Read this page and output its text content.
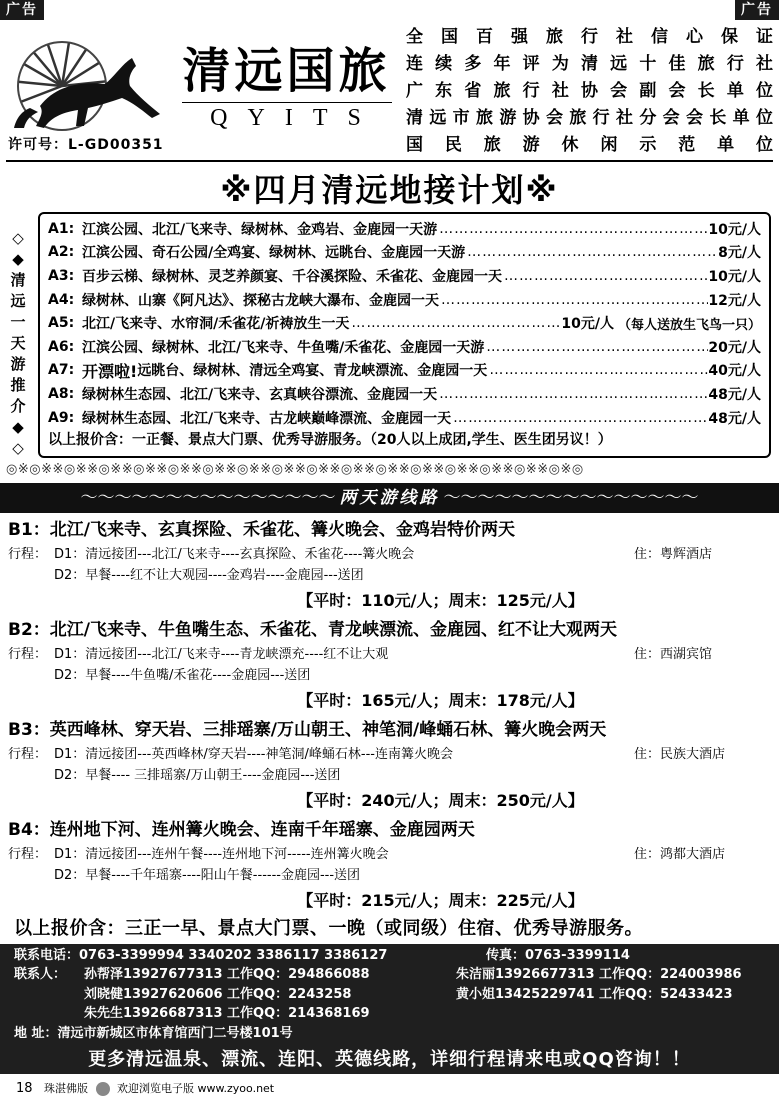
广告	广告
清远国旅
QYITS
许可号：L-GD00351
全国百强旅行社信心保证
连续多年评为清远十佳旅行社
广东省旅行社协会副会长单位
清远市旅游协会旅行社分会会长单位
国民旅游休闲示范单位
※四月清远地接计划※
◇
◆
清
远
一
天
游
推
介
◆
◇
A1: 江滨公园、北江/飞来寺、绿树林、金鸡岩、金鹿园一天游 …………………………………………………………………………………………	10元/人
A2: 江滨公园、奇石公园/全鸡宴、绿树林、远眺台、金鹿园一天游 …………………………………………………………………………………………	8元/人
A3: 百步云梯、绿树林、灵芝养颜宴、千谷溪探险、禾雀花、金鹿园一天 …………………………………………………………………………………………	10元/人
A4: 绿树林、山寨《阿凡达》、探秘古龙峡大瀑布、金鹿园一天 …………………………………………………………………………………………	12元/人
A5: 北江/飞来寺、水帘洞/禾雀花/祈祷放生一天 …………………………………………………………………………………………	10元/人 （每人送放生飞鸟一只）
A6: 江滨公园、绿树林、北江/飞来寺、牛鱼嘴/禾雀花、金鹿园一天游 …………………………………………………………………………………………	20元/人
A7: 开漂啦! 远眺台、绿树林、清远全鸡宴、青龙峡漂流、金鹿园一天 …………………………………………………………………………………………	40元/人
A8: 绿树林生态园、北江/飞来寺、玄真峡谷漂流、金鹿园一天 …………………………………………………………………………………………	48元/人
A9: 绿树林生态园、北江/飞来寺、古龙峡巅峰漂流、金鹿园一天 …………………………………………………………………………………………	48元/人
以上报价含：一正餐、景点大门票、优秀导游服务。（20人以上成团,学生、医生团另议！）
◎※◎※※◎※※◎※※◎※※◎※※◎※※◎※※◎※※◎※※◎※※◎※※◎※※◎※※◎※※◎※※◎※◎
～～～～～～～～～～～～～～～ 两天游线路 ～～～～～～～～～～～～～～～
B1：北江/飞来寺、玄真探险、禾雀花、篝火晚会、金鸡岩特价两天
行程： D1：清远接团---北江/飞来寺----玄真探险、禾雀花----篝火晚会	住：粤辉酒店
D2：早餐----红不让大观园----金鸡岩----金鹿园---送团
【平时：110元/人；周末：125元/人】
B2：北江/飞来寺、牛鱼嘴生态、禾雀花、青龙峡漂流、金鹿园、红不让大观两天
行程： D1：清远接团---北江/飞来寺----青龙峡漂充----红不让大观	住：西湖宾馆
D2：早餐----牛鱼嘴/禾雀花----金鹿园---送团
【平时：165元/人；周末：178元/人】
B3：英西峰林、穿天岩、三排瑶寨/万山朝王、神笔洞/峰蛹石林、篝火晚会两天
行程： D1：清远接团---英西峰林/穿天岩----神笔洞/峰蛹石林---连南篝火晚会	住：民族大酒店
D2：早餐---- 三排瑶寨/万山朝王----金鹿园---送团
【平时：240元/人；周末：250元/人】
B4：连州地下河、连州篝火晚会、连南千年瑶寨、金鹿园两天
行程： D1：清远接团---连州午餐----连州地下河-----连州篝火晚会	住：鸿都大酒店
D2：早餐----千年瑶寨----阳山午餐------金鹿园---送团
【平时：215元/人；周末：225元/人】
以上报价含：三正一早、景点大门票、一晚（或同级）住宿、优秀导游服务。
联系电话：0763-3399994 3340202 3386117 3386127	传真：0763-3399114
联系人： 孙帮泽13927677313 工作QQ：294866088	朱洁丽13926677313 工作QQ：224003986
刘晓健13927620606 工作QQ：2243258	黄小姐13425229741 工作QQ：52433423
朱先生13926687313 工作QQ：214368169
地 址：清远市新城区市体育馆西门二号楼101号
更多清远温泉、漂流、连阳、英德线路，详细行程请来电或QQ咨询！！
18 珠湛佛版	欢迎浏览电子版 www.zyoo.net
